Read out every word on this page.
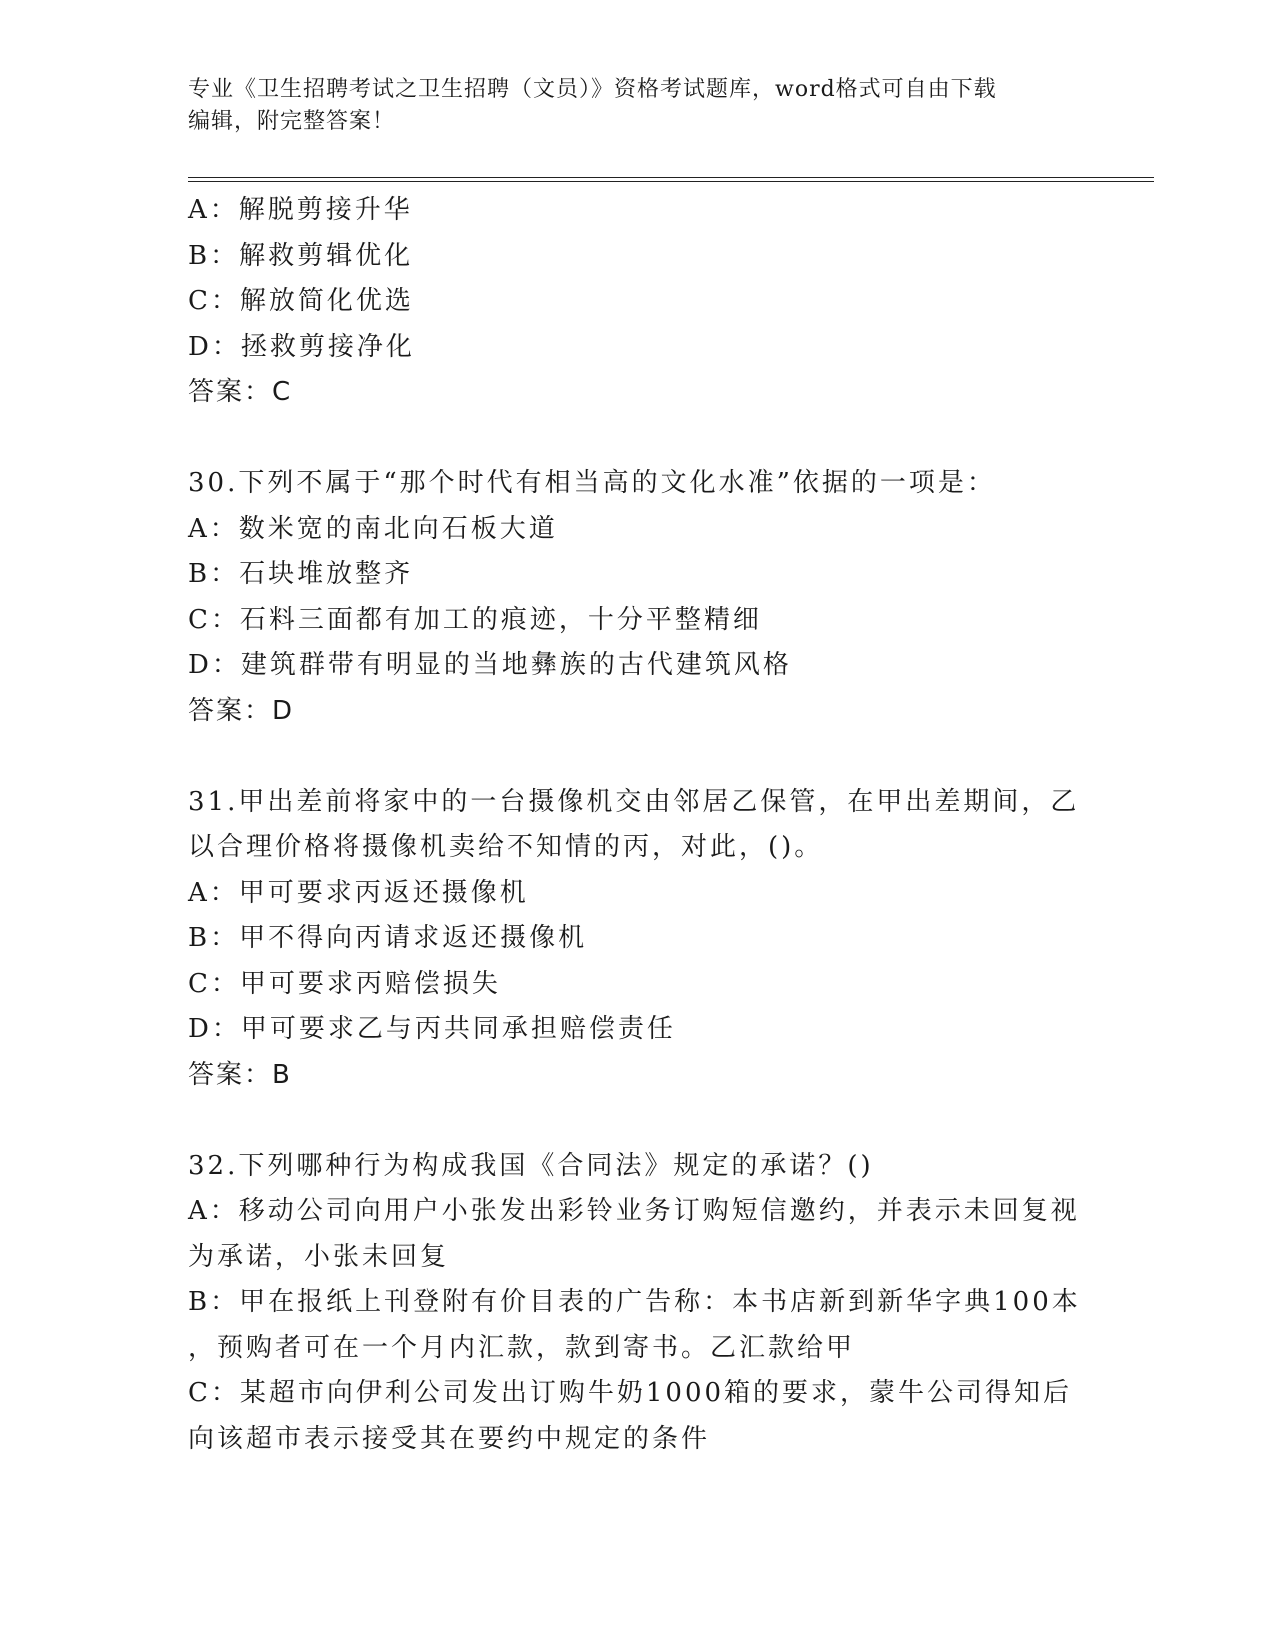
专业《卫生招聘考试之卫生招聘（文员）》资格考试题库，word格式可自由下载
编辑，附完整答案！
A：解脱剪接升华
B：解救剪辑优化
C：解放简化优选
D：拯救剪接净化
答案：C
30.下列不属于“那个时代有相当高的文化水准”依据的一项是：
A：数米宽的南北向石板大道
B：石块堆放整齐
C：石料三面都有加工的痕迹，十分平整精细
D：建筑群带有明显的当地彝族的古代建筑风格
答案：D
31.甲出差前将家中的一台摄像机交由邻居乙保管，在甲出差期间，乙
以合理价格将摄像机卖给不知情的丙，对此，()。
A：甲可要求丙返还摄像机
B：甲不得向丙请求返还摄像机
C：甲可要求丙赔偿损失
D：甲可要求乙与丙共同承担赔偿责任
答案：B
32.下列哪种行为构成我国《合同法》规定的承诺？()
A：移动公司向用户小张发出彩铃业务订购短信邀约，并表示未回复视
为承诺，小张未回复
B：甲在报纸上刊登附有价目表的广告称：本书店新到新华字典100本
，预购者可在一个月内汇款，款到寄书。乙汇款给甲
C：某超市向伊利公司发出订购牛奶1000箱的要求，蒙牛公司得知后
向该超市表示接受其在要约中规定的条件
